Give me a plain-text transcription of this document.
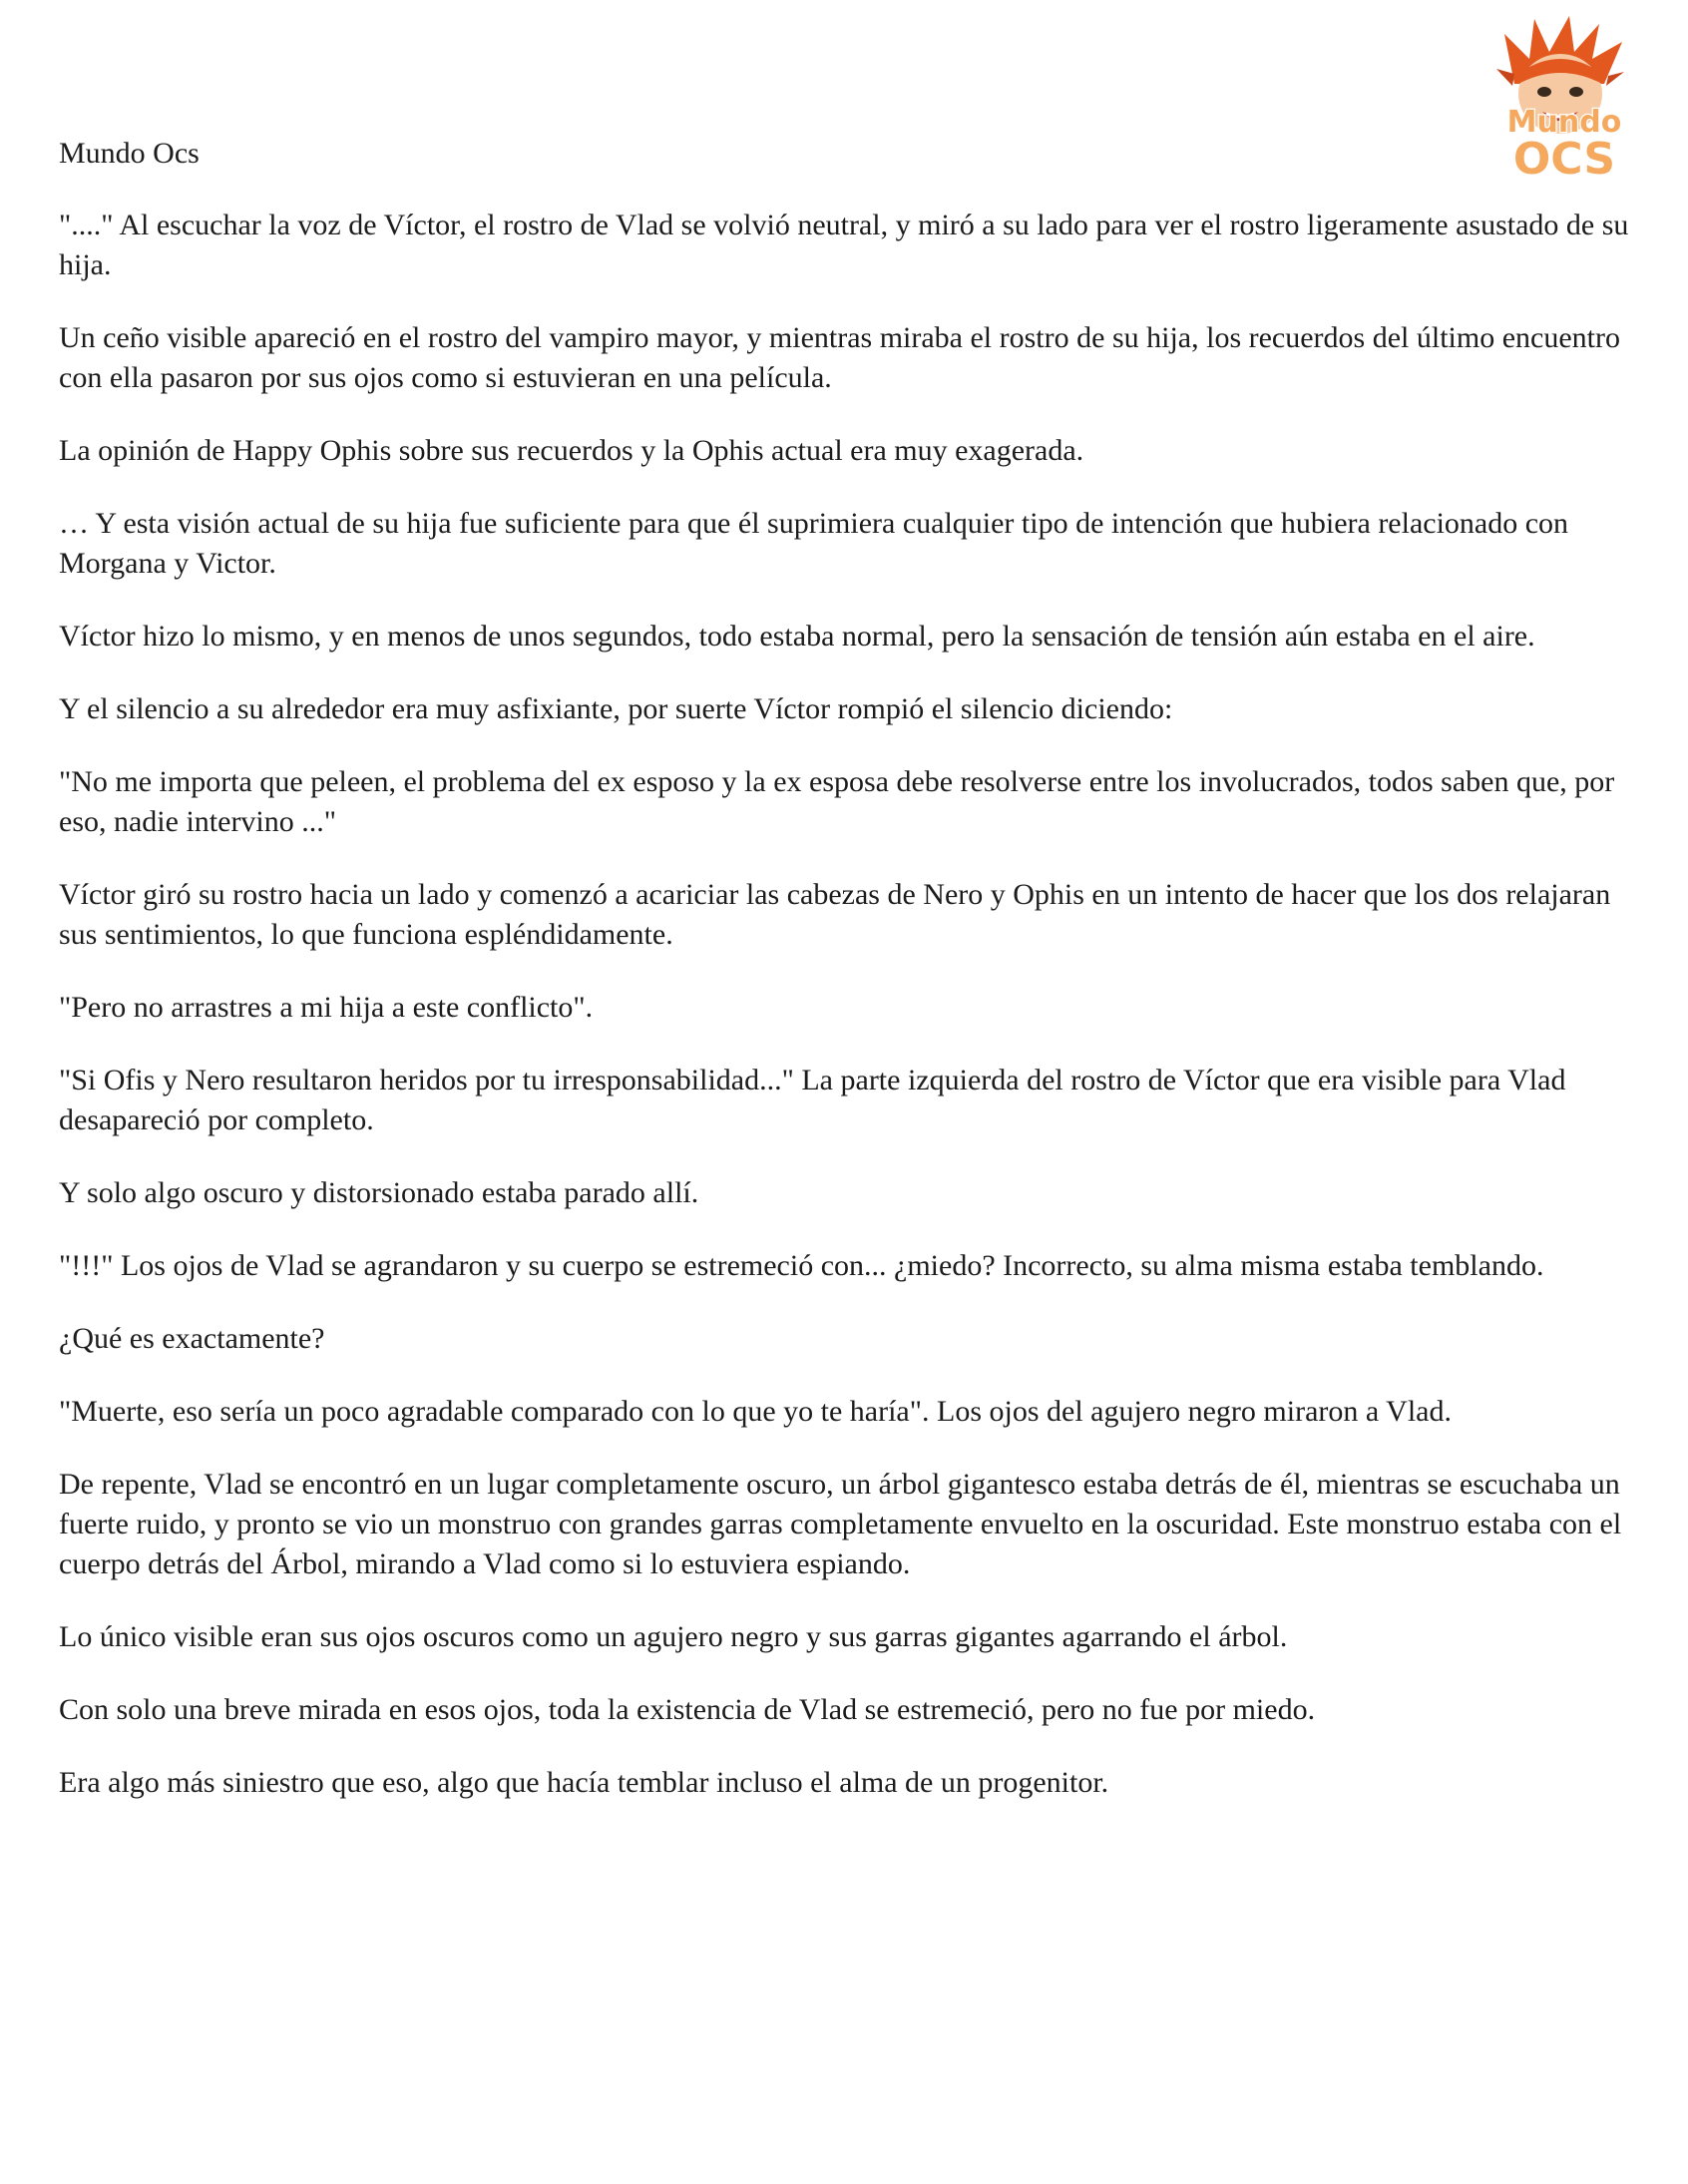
Mundo
OCS
Mundo Ocs

"...." Al escuchar la voz de Víctor, el rostro de Vlad se volvió neutral, y miró a su lado para ver el rostro ligeramente asustado de su hija.

Un ceño visible apareció en el rostro del vampiro mayor, y mientras miraba el rostro de su hija, los recuerdos del último encuentro con ella pasaron por sus ojos como si estuvieran en una película.

La opinión de Happy Ophis sobre sus recuerdos y la Ophis actual era muy exagerada.

… Y esta visión actual de su hija fue suficiente para que él suprimiera cualquier tipo de intención que hubiera relacionado con Morgana y Victor.

Víctor hizo lo mismo, y en menos de unos segundos, todo estaba normal, pero la sensación de tensión aún estaba en el aire.

Y el silencio a su alrededor era muy asfixiante, por suerte Víctor rompió el silencio diciendo:

"No me importa que peleen, el problema del ex esposo y la ex esposa debe resolverse entre los involucrados, todos saben que, por eso, nadie intervino ..."

Víctor giró su rostro hacia un lado y comenzó a acariciar las cabezas de Nero y Ophis en un intento de hacer que los dos relajaran sus sentimientos, lo que funciona espléndidamente.

"Pero no arrastres a mi hija a este conflicto".

"Si Ofis y Nero resultaron heridos por tu irresponsabilidad..." La parte izquierda del rostro de Víctor que era visible para Vlad desapareció por completo.

Y solo algo oscuro y distorsionado estaba parado allí.

"!!!" Los ojos de Vlad se agrandaron y su cuerpo se estremeció con... ¿miedo? Incorrecto, su alma misma estaba temblando.

¿Qué es exactamente?

"Muerte, eso sería un poco agradable comparado con lo que yo te haría". Los ojos del agujero negro miraron a Vlad.

De repente, Vlad se encontró en un lugar completamente oscuro, un árbol gigantesco estaba detrás de él, mientras se escuchaba un fuerte ruido, y pronto se vio un monstruo con grandes garras completamente envuelto en la oscuridad. Este monstruo estaba con el cuerpo detrás del Árbol, mirando a Vlad como si lo estuviera espiando.

Lo único visible eran sus ojos oscuros como un agujero negro y sus garras gigantes agarrando el árbol.

Con solo una breve mirada en esos ojos, toda la existencia de Vlad se estremeció, pero no fue por miedo.

Era algo más siniestro que eso, algo que hacía temblar incluso el alma de un progenitor.
